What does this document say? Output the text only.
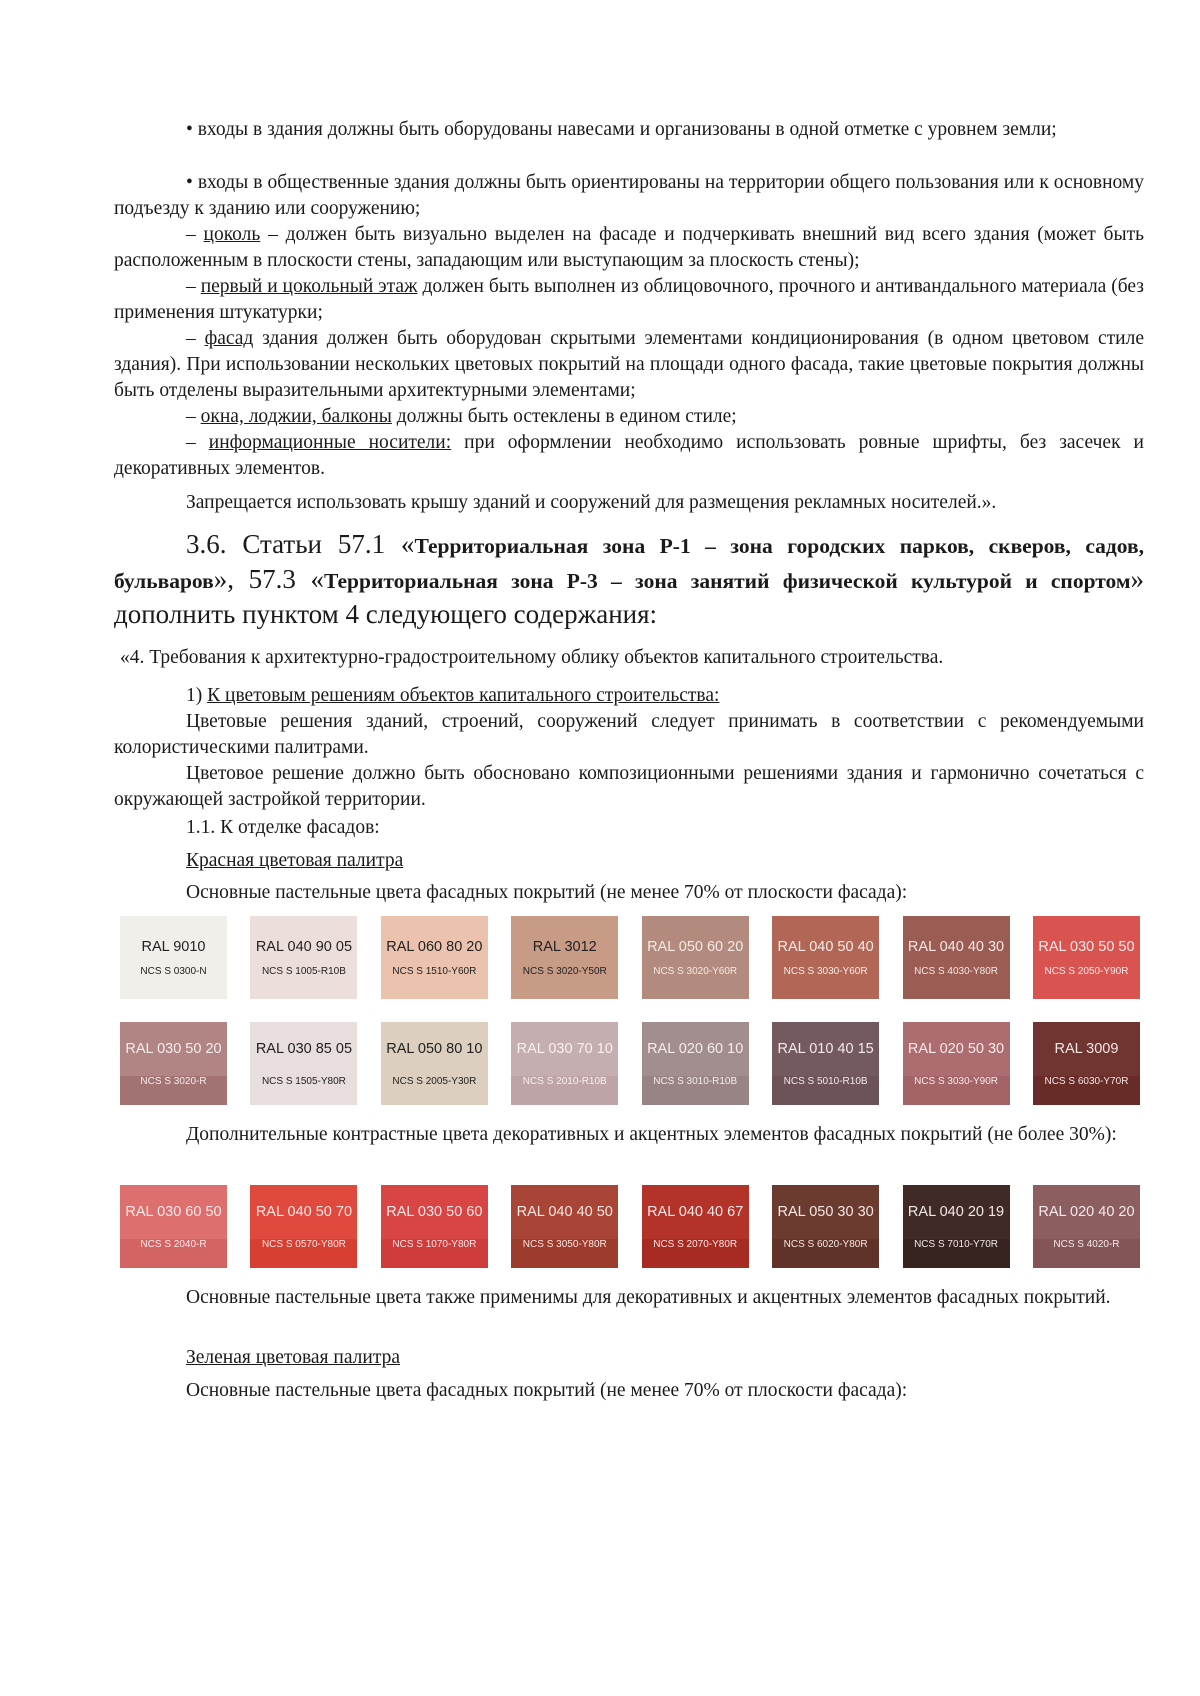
• входы в здания должны быть оборудованы навесами и организованы в одной отметке с уровнем земли;
• входы в общественные здания должны быть ориентированы на территории общего пользования или к основному подъезду к зданию или сооружению;
– цоколь – должен быть визуально выделен на фасаде и подчеркивать внешний вид всего здания (может быть расположенным в плоскости стены, западающим или выступающим за плоскость стены);
– первый и цокольный этаж должен быть выполнен из облицовочного, прочного и антивандального материала (без применения штукатурки;
– фасад здания должен быть оборудован скрытыми элементами кондиционирования (в одном цветовом стиле здания). При использовании нескольких цветовых покрытий на площади одного фасада, такие цветовые покрытия должны быть отделены выразительными архитектурными элементами;
– окна, лоджии, балконы должны быть остеклены в едином стиле;
– информационные носители: при оформлении необходимо использовать ровные шрифты, без засечек и декоративных элементов.
Запрещается использовать крышу зданий и сооружений для размещения рекламных носителей.».
3.6. Статьи 57.1 «Территориальная зона Р-1 – зона городских парков, скверов, садов, бульваров», 57.3 «Территориальная зона Р-3 – зона занятий физической культурой и спортом» дополнить пунктом 4 следующего содержания:
«4. Требования к архитектурно-градостроительному облику объектов капитального строительства.
1) К цветовым решениям объектов капитального строительства:
Цветовые решения зданий, строений, сооружений следует принимать в соответствии с рекомендуемыми колористическими палитрами.
Цветовое решение должно быть обосновано композиционными решениями здания и гармонично сочетаться с окружающей застройкой территории.
1.1. К отделке фасадов:
Красная цветовая палитра
Основные пастельные цвета фасадных покрытий (не менее 70% от плоскости фасада):
RAL 9010
NCS S 0300-N
RAL 040 90 05
NCS S 1005-R10B
RAL 060 80 20
NCS S 1510-Y60R
RAL 3012
NCS S 3020-Y50R
RAL 050 60 20
NCS S 3020-Y60R
RAL 040 50 40
NCS S 3030-Y60R
RAL 040 40 30
NCS S 4030-Y80R
RAL 030 50 50
NCS S 2050-Y90R
RAL 030 50 20
NCS S 3020-R
RAL 030 85 05
NCS S 1505-Y80R
RAL 050 80 10
NCS S 2005-Y30R
RAL 030 70 10
NCS S 2010-R10B
RAL 020 60 10
NCS S 3010-R10B
RAL 010 40 15
NCS S 5010-R10B
RAL 020 50 30
NCS S 3030-Y90R
RAL 3009
NCS S 6030-Y70R
Дополнительные контрастные цвета декоративных и акцентных элементов фасадных покрытий (не более 30%):
RAL 030 60 50
NCS S 2040-R
RAL 040 50 70
NCS S 0570-Y80R
RAL 030 50 60
NCS S 1070-Y80R
RAL 040 40 50
NCS S 3050-Y80R
RAL 040 40 67
NCS S 2070-Y80R
RAL 050 30 30
NCS S 6020-Y80R
RAL 040 20 19
NCS S 7010-Y70R
RAL 020 40 20
NCS S 4020-R
Основные пастельные цвета также применимы для декоративных и акцентных элементов фасадных покрытий.
Зеленая цветовая палитра
Основные пастельные цвета фасадных покрытий (не менее 70% от плоскости фасада):
